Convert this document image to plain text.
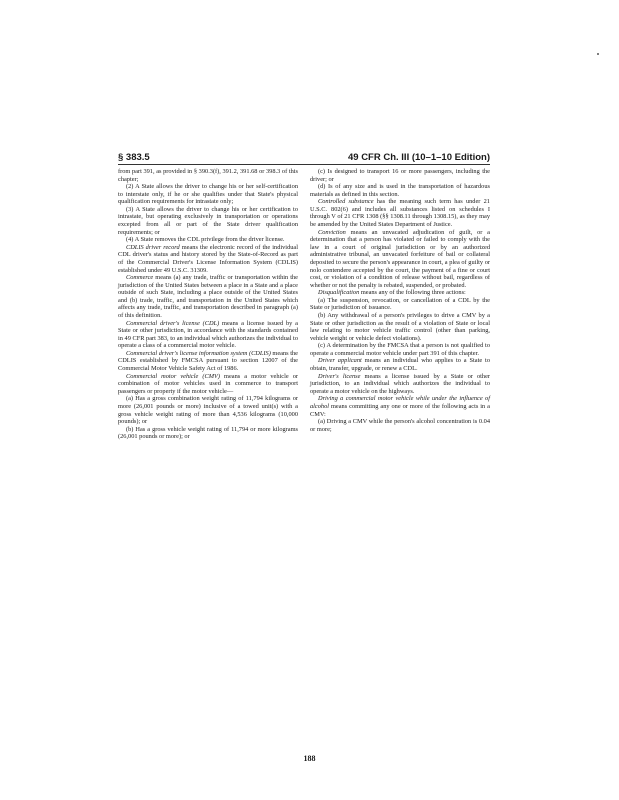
§ 383.5	49 CFR Ch. III (10–1–10 Edition)

from part 391, as provided in § 390.3(f), 391.2, 391.68 or 398.3 of this chapter;

(2) A State allows the driver to change his or her self-certification to interstate only, if he or she qualifies under that State's physical qualification requirements for intrastate only;

(3) A State allows the driver to change his or her certification to intrastate, but operating exclusively in transportation or operations excepted from all or part of the State driver qualification requirements; or

(4) A State removes the CDL privilege from the driver license.

CDLIS driver record means the electronic record of the individual CDL driver's status and history stored by the State-of-Record as part of the Commercial Driver's License Information System (CDLIS) established under 49 U.S.C. 31309.

Commerce means (a) any trade, traffic or transportation within the jurisdiction of the United States between a place in a State and a place outside of such State, including a place outside of the United States and (b) trade, traffic, and transportation in the United States which affects any trade, traffic, and transportation described in paragraph (a) of this definition.

Commercial driver's license (CDL) means a license issued by a State or other jurisdiction, in accordance with the standards contained in 49 CFR part 383, to an individual which authorizes the individual to operate a class of a commercial motor vehicle.

Commercial driver's license information system (CDLIS) means the CDLIS established by FMCSA pursuant to section 12007 of the Commercial Motor Vehicle Safety Act of 1986.

Commercial motor vehicle (CMV) means a motor vehicle or combination of motor vehicles used in commerce to transport passengers or property if the motor vehicle—

(a) Has a gross combination weight rating of 11,794 kilograms or more (26,001 pounds or more) inclusive of a towed unit(s) with a gross vehicle weight rating of more than 4,536 kilograms (10,000 pounds); or

(b) Has a gross vehicle weight rating of 11,794 or more kilograms (26,001 pounds or more); or

(c) Is designed to transport 16 or more passengers, including the driver; or

(d) Is of any size and is used in the transportation of hazardous materials as defined in this section.

Controlled substance has the meaning such term has under 21 U.S.C. 802(6) and includes all substances listed on schedules I through V of 21 CFR 1308 (§§ 1308.11 through 1308.15), as they may be amended by the United States Department of Justice.

Conviction means an unvacated adjudication of guilt, or a determination that a person has violated or failed to comply with the law in a court of original jurisdiction or by an authorized administrative tribunal, an unvacated forfeiture of bail or collateral deposited to secure the person's appearance in court, a plea of guilty or nolo contendere accepted by the court, the payment of a fine or court cost, or violation of a condition of release without bail, regardless of whether or not the penalty is rebated, suspended, or probated.

Disqualification means any of the following three actions:

(a) The suspension, revocation, or cancellation of a CDL by the State or jurisdiction of issuance.

(b) Any withdrawal of a person's privileges to drive a CMV by a State or other jurisdiction as the result of a violation of State or local law relating to motor vehicle traffic control (other than parking, vehicle weight or vehicle defect violations).

(c) A determination by the FMCSA that a person is not qualified to operate a commercial motor vehicle under part 391 of this chapter.

Driver applicant means an individual who applies to a State to obtain, transfer, upgrade, or renew a CDL.

Driver's license means a license issued by a State or other jurisdiction, to an individual which authorizes the individual to operate a motor vehicle on the highways.

Driving a commercial motor vehicle while under the influence of alcohol means committing any one or more of the following acts in a CMV:

(a) Driving a CMV while the person's alcohol concentration is 0.04 or more;

188
